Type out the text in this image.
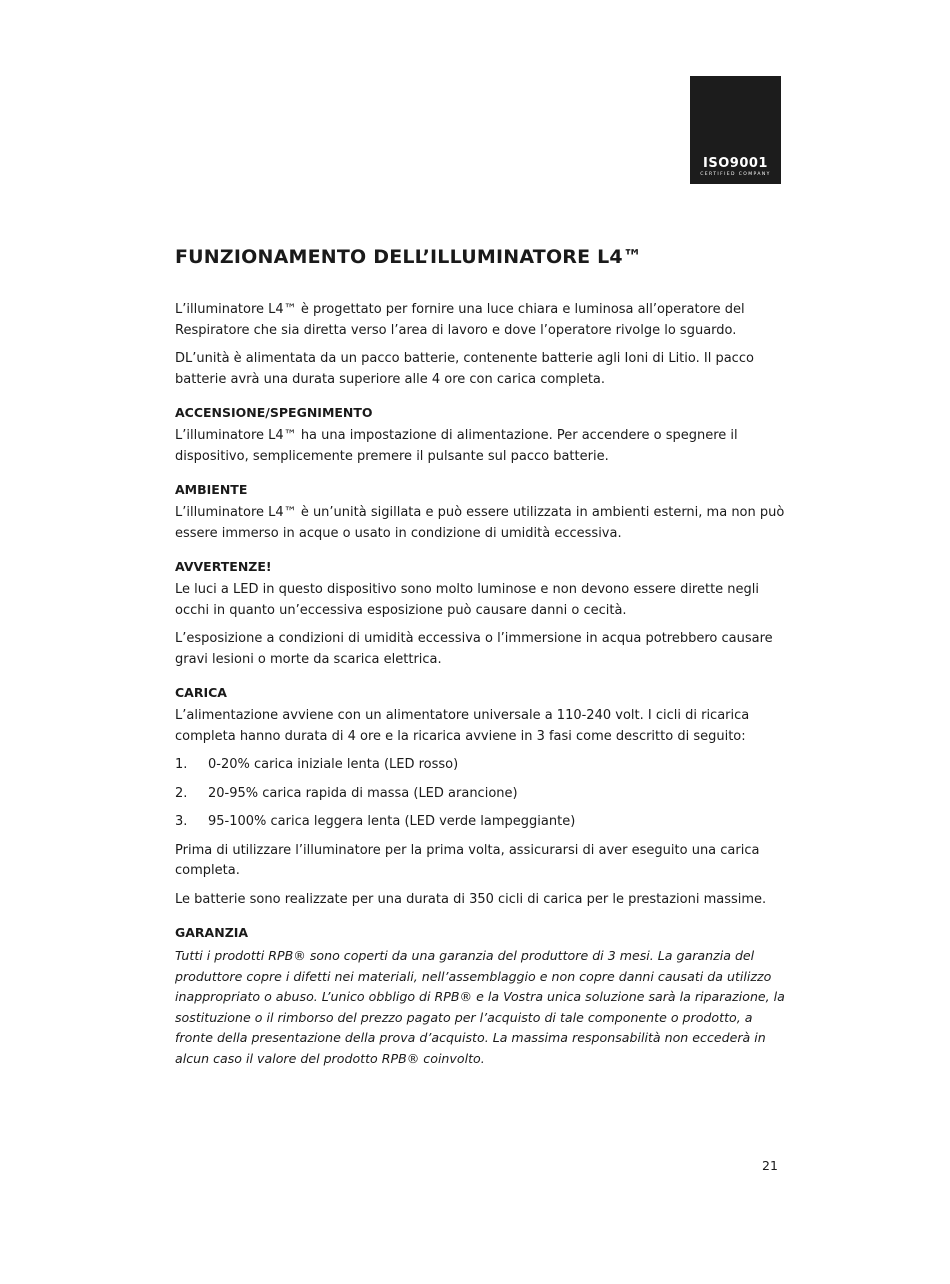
ISO9001
CERTIFIED COMPANY
FUNZIONAMENTO DELL’ILLUMINATORE L4™

L’illuminatore L4™ è progettato per fornire una luce chiara e luminosa all’operatore del Respiratore che sia diretta verso l’area di lavoro e dove l’operatore rivolge lo sguardo.

DL’unità è alimentata da un pacco batterie, contenente batterie agli Ioni di Litio. Il pacco batterie avrà una durata superiore alle 4 ore con carica completa.

ACCENSIONE/SPEGNIMENTO

L’illuminatore L4™ ha una impostazione di alimentazione. Per accendere o spegnere il dispositivo, semplicemente premere il pulsante sul pacco batterie.

AMBIENTE

L’illuminatore L4™ è un’unità sigillata e può essere utilizzata in ambienti esterni, ma non può essere immerso in acque o usato in condizione di umidità eccessiva.

AVVERTENZE!

Le luci a LED in questo dispositivo sono molto luminose e non devono essere dirette negli occhi in quanto un’eccessiva esposizione può causare danni o cecità.

L’esposizione a condizioni di umidità eccessiva o l’immersione in acqua potrebbero causare gravi lesioni o morte da scarica elettrica.

CARICA

L’alimentazione avviene con un alimentatore universale a 110-240 volt. I cicli di ricarica completa hanno durata di 4 ore e la ricarica avviene in 3 fasi come descritto di seguito:

1.	0-20% carica iniziale lenta (LED rosso)
2.	20-95% carica rapida di massa (LED arancione)
3.	95-100% carica leggera lenta (LED verde lampeggiante)

Prima di utilizzare l’illuminatore per la prima volta, assicurarsi di aver eseguito una carica completa.

Le batterie sono realizzate per una durata di 350 cicli di carica per le prestazioni massime.

GARANZIA

Tutti i prodotti RPB® sono coperti da una garanzia del produttore di 3 mesi. La garanzia del produttore copre i difetti nei materiali, nell’assemblaggio e non copre danni causati da utilizzo inappropriato o abuso. L’unico obbligo di RPB® e la Vostra unica soluzione sarà la riparazione, la sostituzione o il rimborso del prezzo pagato per l’acquisto di tale componente o prodotto, a fronte della presentazione della prova d’acquisto. La massima responsabilità non eccederà in alcun caso il valore del prodotto RPB® coinvolto.

21
